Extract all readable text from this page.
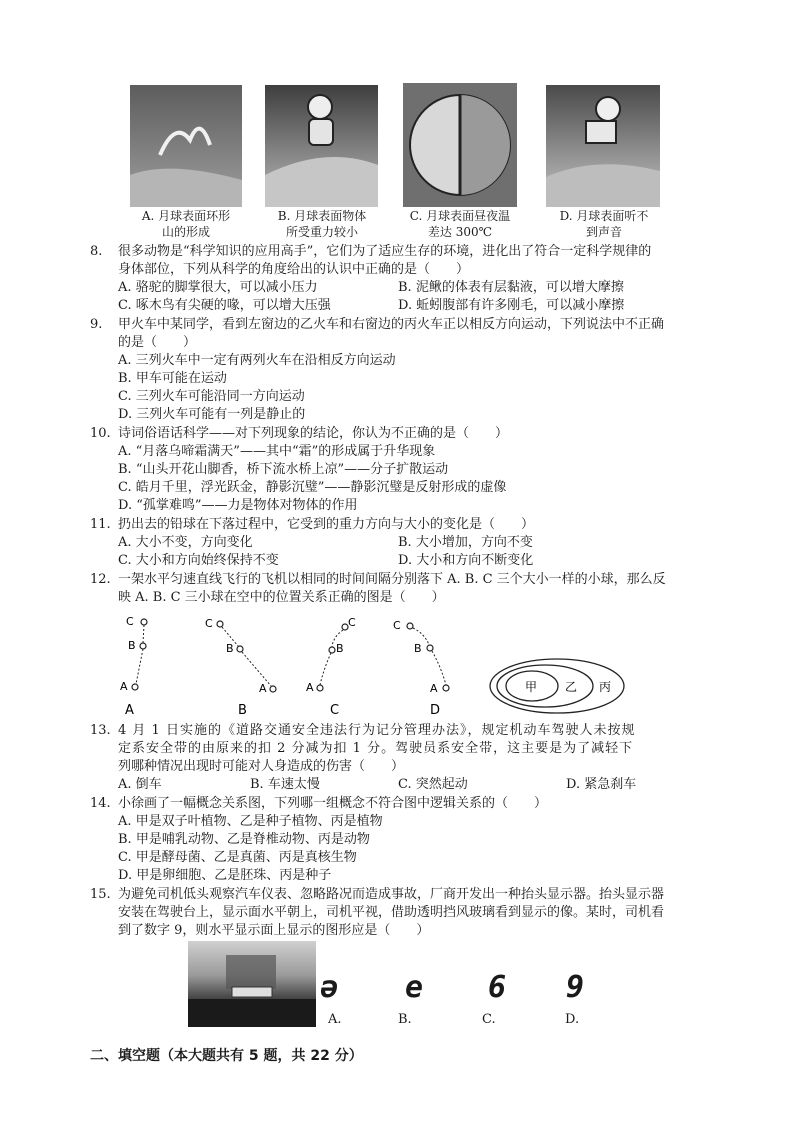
A. 月球表面环形
山的形成
B. 月球表面物体
所受重力较小
C. 月球表面昼夜温
差达 300℃
D. 月球表面听不
到声音
8. 很多动物是“科学知识的应用高手”，它们为了适应生存的环境，进化出了符合一定科学规律的
身体部位，下列从科学的角度给出的认识中正确的是（　　）
A. 骆驼的脚掌很大，可以减小压力	B. 泥鳅的体表有层黏液，可以增大摩擦
C. 啄木鸟有尖硬的喙，可以增大压强	D. 蚯蚓腹部有许多刚毛，可以减小摩擦
9. 甲火车中某同学，看到左窗边的乙火车和右窗边的丙火车正以相反方向运动，下列说法中不正确
的是（　　）
A. 三列火车中一定有两列火车在沿相反方向运动
B. 甲车可能在运动
C. 三列火车可能沿同一方向运动
D. 三列火车可能有一列是静止的
10. 诗词俗语话科学——对下列现象的结论，你认为不正确的是（　　）
A. “月落乌啼霜满天”——其中“霜”的形成属于升华现象
B. “山头开花山脚香，桥下流水桥上凉”——分子扩散运动
C. 皓月千里，浮光跃金，静影沉璧”——静影沉璧是反射形成的虚像
D. “孤掌难鸣”——力是物体对物体的作用
11. 扔出去的铅球在下落过程中，它受到的重力方向与大小的变化是（　　）
A. 大小不变，方向变化	B. 大小增加，方向不变
C. 大小和方向始终保持不变	D. 大小和方向不断变化
12. 一架水平匀速直线飞行的飞机以相同的时间间隔分别落下 A. B. C 三个大小一样的小球，那么反
映 A. B. C 三小球在空中的位置关系正确的图是（　　）
C
B
A
C
B
A
C
B
A
C
B
A
A	B	C	D
甲 乙 丙
13. 4 月 1 日实施的《道路交通安全违法行为记分管理办法》，规定机动车驾驶人未按规
定系安全带的由原来的扣 2 分减为扣 1 分。驾驶员系安全带，这主要是为了减轻下
列哪种情况出现时可能对人身造成的伤害（　　）
A. 倒车	B. 车速太慢	C. 突然起动	D. 紧急刹车
14. 小徐画了一幅概念关系图，下列哪一组概念不符合图中逻辑关系的（　　）
A. 甲是双子叶植物、乙是种子植物、丙是植物
B. 甲是哺乳动物、乙是脊椎动物、丙是动物
C. 甲是酵母菌、乙是真菌、丙是真核生物
D. 甲是卵细胞、乙是胚珠、丙是种子
15. 为避免司机低头观察汽车仪表、忽略路况而造成事故，厂商开发出一种抬头显示器。抬头显示器
安装在驾驶台上，显示面水平朝上，司机平视，借助透明挡风玻璃看到显示的像。某时，司机看
到了数字 9，则水平显示面上显示的图形应是（　　）
ə e 6 9
A.	B.	C.	D.
二、填空题（本大题共有 5 题，共 22 分）
